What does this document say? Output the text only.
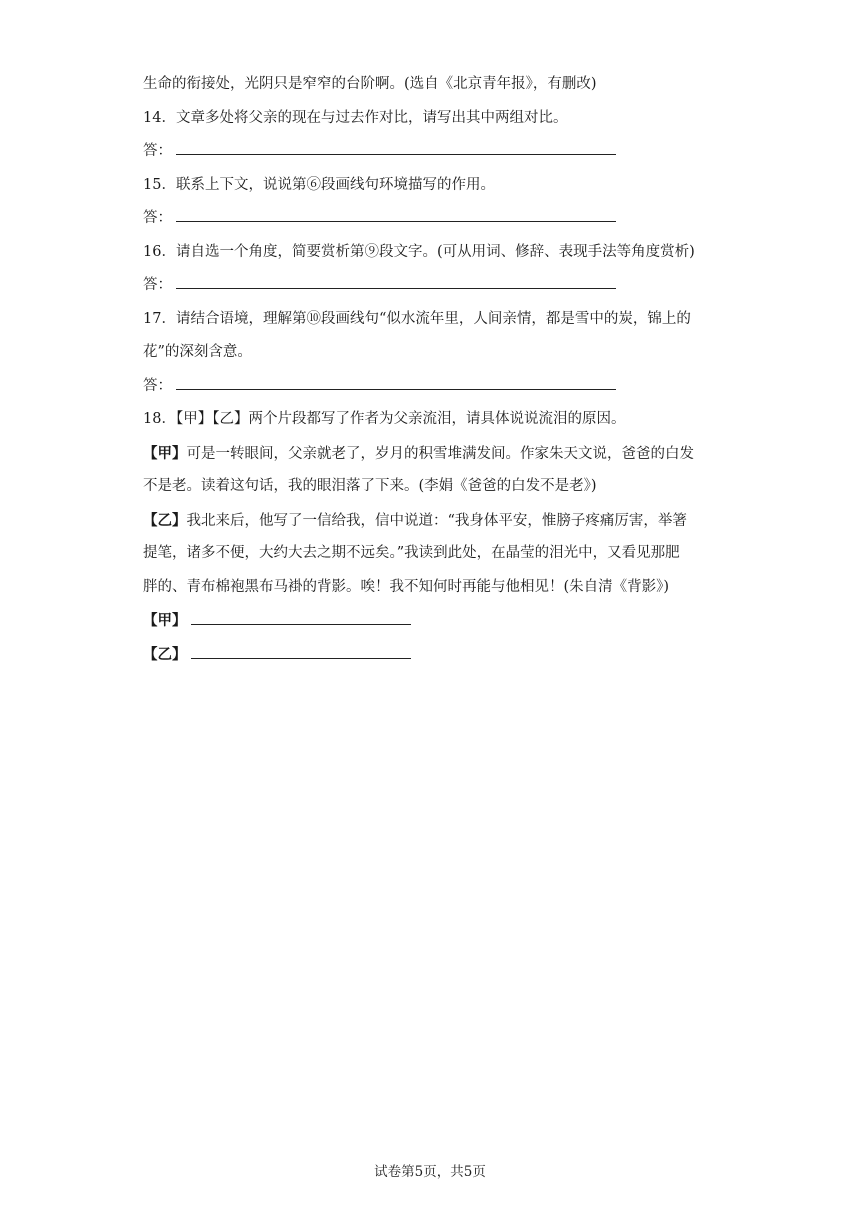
生命的衔接处，光阴只是窄窄的台阶啊。(选自《北京青年报》，有删改)
14．文章多处将父亲的现在与过去作对比，请写出其中两组对比。
答：
15．联系上下文，说说第⑥段画线句环境描写的作用。
答：
16．请自选一个角度，简要赏析第⑨段文字。(可从用词、修辞、表现手法等角度赏析)
答：
17．请结合语境，理解第⑩段画线句“似水流年里，人间亲情，都是雪中的炭，锦上的
花”的深刻含意。
答：
18．【甲】【乙】两个片段都写了作者为父亲流泪，请具体说说流泪的原因。
【甲】可是一转眼间，父亲就老了，岁月的积雪堆满发间。作家朱天文说，爸爸的白发
不是老。读着这句话，我的眼泪落了下来。(李娟《爸爸的白发不是老》)
【乙】我北来后，他写了一信给我，信中说道：“我身体平安，惟膀子疼痛厉害，举箸
提笔，诸多不便，大约大去之期不远矣。”我读到此处，在晶莹的泪光中，又看见那肥
胖的、青布棉袍黑布马褂的背影。唉！我不知何时再能与他相见！(朱自清《背影》)
【甲】
【乙】
试卷第5页，共5页
